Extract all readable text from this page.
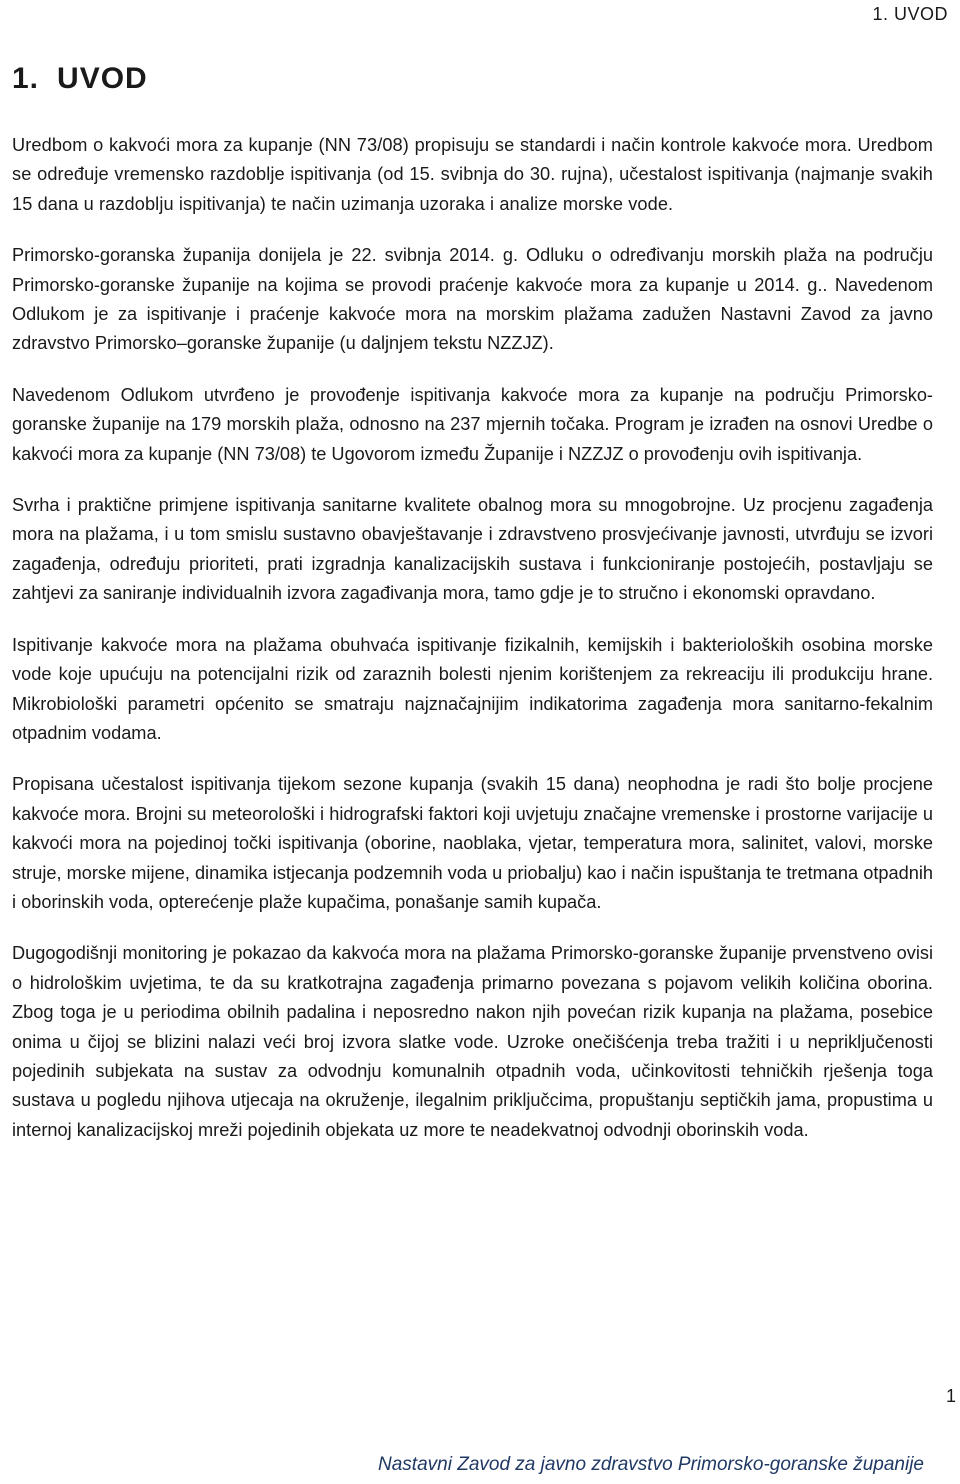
1. UVOD
1. UVOD

Uredbom o kakvoći mora za kupanje (NN 73/08) propisuju se standardi i način kontrole kakvoće mora. Uredbom se određuje vremensko razdoblje ispitivanja (od 15. svibnja do 30. rujna), učestalost ispitivanja (najmanje svakih 15 dana u razdoblju ispitivanja) te način uzimanja uzoraka i analize morske vode.

Primorsko-goranska županija donijela je 22. svibnja 2014. g. Odluku o određivanju morskih plaža na području Primorsko-goranske županije na kojima se provodi praćenje kakvoće mora za kupanje u 2014. g.. Navedenom Odlukom je za ispitivanje i praćenje kakvoće mora na morskim plažama zadužen Nastavni Zavod za javno zdravstvo Primorsko–goranske županije (u daljnjem tekstu NZZJZ).

Navedenom Odlukom utvrđeno je provođenje ispitivanja kakvoće mora za kupanje na području Primorsko-goranske županije na 179 morskih plaža, odnosno na 237 mjernih točaka. Program je izrađen na osnovi Uredbe o kakvoći mora za kupanje (NN 73/08) te Ugovorom između Županije i NZZJZ o provođenju ovih ispitivanja.

Svrha i praktične primjene ispitivanja sanitarne kvalitete obalnog mora su mnogobrojne. Uz procjenu zagađenja mora na plažama, i u tom smislu sustavno obavještavanje i zdravstveno prosvjećivanje javnosti, utvrđuju se izvori zagađenja, određuju prioriteti, prati izgradnja kanalizacijskih sustava i funkcioniranje postojećih, postavljaju se zahtjevi za saniranje individualnih izvora zagađivanja mora, tamo gdje je to stručno i ekonomski opravdano.

Ispitivanje kakvoće mora na plažama obuhvaća ispitivanje fizikalnih, kemijskih i bakterioloških osobina morske vode koje upućuju na potencijalni rizik od zaraznih bolesti njenim korištenjem za rekreaciju ili produkciju hrane. Mikrobiološki parametri općenito se smatraju najznačajnijim indikatorima zagađenja mora sanitarno-fekalnim otpadnim vodama.

Propisana učestalost ispitivanja tijekom sezone kupanja (svakih 15 dana) neophodna je radi što bolje procjene kakvoće mora. Brojni su meteorološki i hidrografski faktori koji uvjetuju značajne vremenske i prostorne varijacije u kakvoći mora na pojedinoj točki ispitivanja (oborine, naoblaka, vjetar, temperatura mora, salinitet, valovi, morske struje, morske mijene, dinamika istjecanja podzemnih voda u priobalju) kao i način ispuštanja te tretmana otpadnih i oborinskih voda, opterećenje plaže kupačima, ponašanje samih kupača.

Dugogodišnji monitoring je pokazao da kakvoća mora na plažama Primorsko-goranske županije prvenstveno ovisi o hidrološkim uvjetima, te da su kratkotrajna zagađenja primarno povezana s pojavom velikih količina oborina. Zbog toga je u periodima obilnih padalina i neposredno nakon njih povećan rizik kupanja na plažama, posebice onima u čijoj se blizini nalazi veći broj izvora slatke vode. Uzroke onečišćenja treba tražiti i u nepriključenosti pojedinih subjekata na sustav za odvodnju komunalnih otpadnih voda, učinkovitosti tehničkih rješenja toga sustava u pogledu njihova utjecaja na okruženje, ilegalnim priključcima, propuštanju septičkih jama, propustima u internoj kanalizacijskoj mreži pojedinih objekata uz more te neadekvatnoj odvodnji oborinskih voda.

1
Nastavni Zavod za javno zdravstvo Primorsko-goranske županije
